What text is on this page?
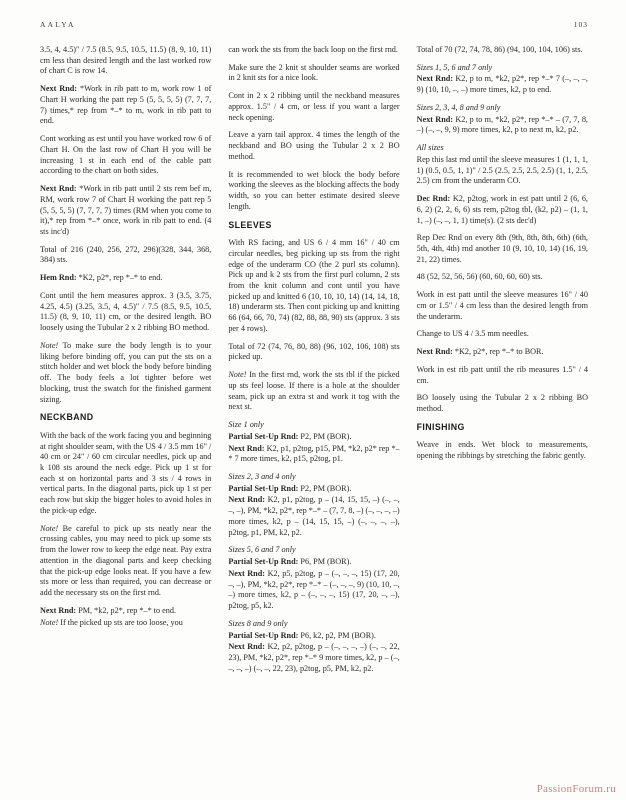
AALYA	103

3.5, 4, 4.5)" / 7.5 (8.5, 9.5, 10.5, 11.5) (8, 9, 10, 11) cm less than desired length and the last worked row of chart C is row 14.

Next Rnd: *Work in rib patt to m, work row 1 of Chart H working the patt rep 5 (5, 5, 5, 5) (7, 7, 7, 7) times,* rep from *–* to m, work in rib patt to end.

Cont working as est until you have worked row 6 of Chart H. On the last row of Chart H you will be increasing 1 st in each end of the cable patt according to the chart on both sides.

Next Rnd: *Work in rib patt until 2 sts rem bef m, RM, work row 7 of Chart H working the patt rep 5 (5, 5, 5, 5) (7, 7, 7, 7) times (RM when you come to it),* rep from *–* once, work in rib patt to end. (4 sts inc'd)

Total of 216 (240, 256, 272, 296)(328, 344, 368, 384) sts.

Hem Rnd: *K2, p2*, rep *–* to end.

Cont until the hem measures approx. 3 (3.5, 3.75, 4.25, 4.5) (3.25, 3.5, 4, 4.5)" / 7.5 (8.5, 9.5, 10.5, 11.5) (8, 9, 10, 11) cm, or the desired length. BO loosely using the Tubular 2 x 2 ribbing BO method.

Note! To make sure the body length is to your liking before binding off, you can put the sts on a stitch holder and wet block the body before binding off. The body feels a lot tighter before wet blocking, trust the swatch for the finished garment sizing.

NECKBAND

With the back of the work facing you and beginning at right shoulder seam, with the US 4 / 3.5 mm 16" / 40 cm or 24" / 60 cm circular needles, pick up and k 108 sts around the neck edge. Pick up 1 st for each st on horizontal parts and 3 sts / 4 rows in vertical parts. In the diagonal parts, pick up 1 st per each row but skip the bigger holes to avoid holes in the pick-up edge.

Note! Be careful to pick up sts neatly near the crossing cables, you may need to pick up some sts from the lower row to keep the edge neat. Pay extra attention in the diagonal parts and keep checking that the pick-up edge looks neat. If you have a few sts more or less than required, you can decrease or add the necessary sts on the first rnd.

Next Rnd: PM, *k2, p2*, rep *–* to end.

Note! If the picked up sts are too loose, you

can work the sts from the back loop on the first rnd.

Make sure the 2 knit st shoulder seams are worked in 2 knit sts for a nice look.

Cont in 2 x 2 ribbing until the neckband measures approx. 1.5" / 4 cm, or less if you want a larger neck opening.

Leave a yarn tail approx. 4 times the length of the neckband and BO using the Tubular 2 x 2 BO method.

It is recommended to wet block the body before working the sleeves as the blocking affects the body width, so you can better estimate desired sleeve length.

SLEEVES

With RS facing, and US 6 / 4 mm 16" / 40 cm circular needles, beg picking up sts from the right edge of the underarm CO (the 2 purl sts column). Pick up and k 2 sts from the first purl column, 2 sts from the knit column and cont until you have picked up and knitted 6 (10, 10, 10, 14) (14, 14, 18, 18) underarm sts. Then cont picking up and knitting 66 (64, 66, 70, 74) (82, 88, 88, 90) sts (approx. 3 sts per 4 rows).

Total of 72 (74, 76, 80, 88) (96, 102, 106, 108) sts picked up.

Note! In the first rnd, work the sts tbl if the picked up sts feel loose. If there is a hole at the shoulder seam, pick up an extra st and work it tog with the next st.

Size 1 only

Partial Set-Up Rnd: P2, PM (BOR).

Next Rnd: K2, p1, p2tog, p15, PM, *k2, p2* rep *–* 7 more times, k2, p15, p2tog, p1.

Sizes 2, 3 and 4 only

Partial Set-Up Rnd: P2, PM (BOR).

Next Rnd: K2, p1, p2tog, p – (14, 15, 15, –) (–, –, –, –), PM, *k2, p2*, rep *–* – (7, 7, 8, –) (–, –, –, –) more times, k2, p – (14, 15, 15, –) (–, –, –, –), p2tog, p1, PM, k2, p2.

Sizes 5, 6 and 7 only

Partial Set-Up Rnd: P6, PM (BOR).

Next Rnd: K2, p5, p2tog, p – (–, –, –, 15) (17, 20, –, –), PM, *k2, p2*, rep *–* – (–, –, –, 9) (10, 10, –, –) more times, k2, p – (–, –, –, 15) (17, 20, –, –), p2tog, p5, k2.

Sizes 8 and 9 only

Partial Set-Up Rnd: P6, k2, p2, PM (BOR).

Next Rnd: K2, p2, p2tog, p – (–, –, –, –) (–, –, 22, 23), PM, *k2, p2*, rep *–* 9 more times, k2, p – (–, –, –, –) (–, –, 22, 23), p2tog, p5, PM, k2, p2.

Total of 70 (72, 74, 78, 86) (94, 100, 104, 106) sts.

Sizes 1, 5, 6 and 7 only

Next Rnd: K2, p to m, *k2, p2*, rep *–* 7 (–, –, –, 9) (10, 10, –, –) more times, k2, p to end.

Sizes 2, 3, 4, 8 and 9 only

Next Rnd: K2, p to m, *k2, p2*, rep *–* – (7, 7, 8, –) (–, –, 9, 9) more times, k2, p to next m, k2, p2.

All sizes

Rep this last rnd until the sleeve measures 1 (1, 1, 1, 1) (0.5, 0.5, 1, 1)" / 2.5 (2.5, 2.5, 2.5, 2.5) (1, 1, 2.5, 2.5) cm from the underarm CO.

Dec Rnd: K2, p2tog, work in est patt until 2 (6, 6, 6, 2) (2, 2, 6, 6) sts rem, p2tog tbl, (k2, p2) – (1, 1, 1, –) (–, –, 1, 1) time(s). (2 sts dec'd)

Rep Dec Rnd on every 8th (9th, 8th, 8th, 6th) (6th, 5th, 4th, 4th) rnd another 10 (9, 10, 10, 14) (16, 19, 21, 22) times.

48 (52, 52, 56, 56) (60, 60, 60, 60) sts.

Work in est patt until the sleeve measures 16" / 40 cm or 1.5" / 4 cm less than the desired length from the underarm.

Change to US 4 / 3.5 mm needles.

Next Rnd: *K2, p2*, rep *–* to BOR.

Work in est rib patt until the rib measures 1.5" / 4 cm.

BO loosely using the Tubular 2 x 2 ribbing BO method.

FINISHING

Weave in ends. Wet block to measurements, opening the ribbings by stretching the fabric gently.

PassionForum.ru
